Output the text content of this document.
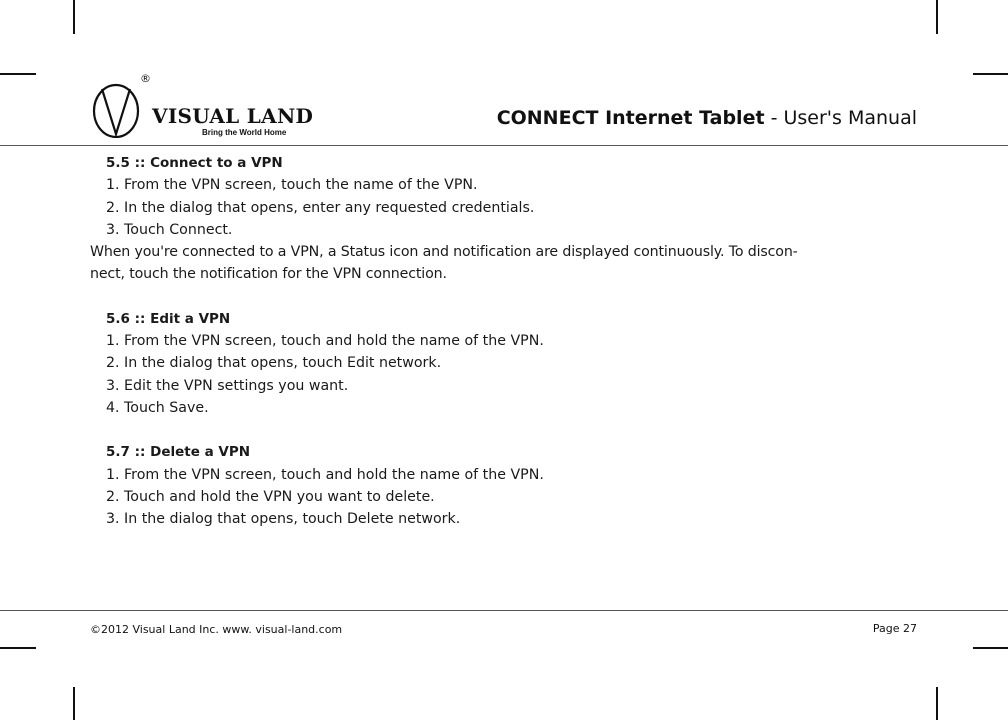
®
VISUAL LAND
Bring the World Home
CONNECT Internet Tablet - User's Manual
5.5 :: Connect to a VPN
1. From the VPN screen, touch the name of the VPN.
2. In the dialog that opens, enter any requested credentials.
3. Touch Connect.
When you're connected to a VPN, a Status icon and notification are displayed continuously. To discon-
nect, touch the notification for the VPN connection.
5.6 :: Edit a VPN
1. From the VPN screen, touch and hold the name of the VPN.
2. In the dialog that opens, touch Edit network.
3. Edit the VPN settings you want.
4. Touch Save.
5.7 :: Delete a VPN
1. From the VPN screen, touch and hold the name of the VPN.
2. Touch and hold the VPN you want to delete.
3. In the dialog that opens, touch Delete network.
©2012 Visual Land Inc. www. visual-land.com	Page 27
